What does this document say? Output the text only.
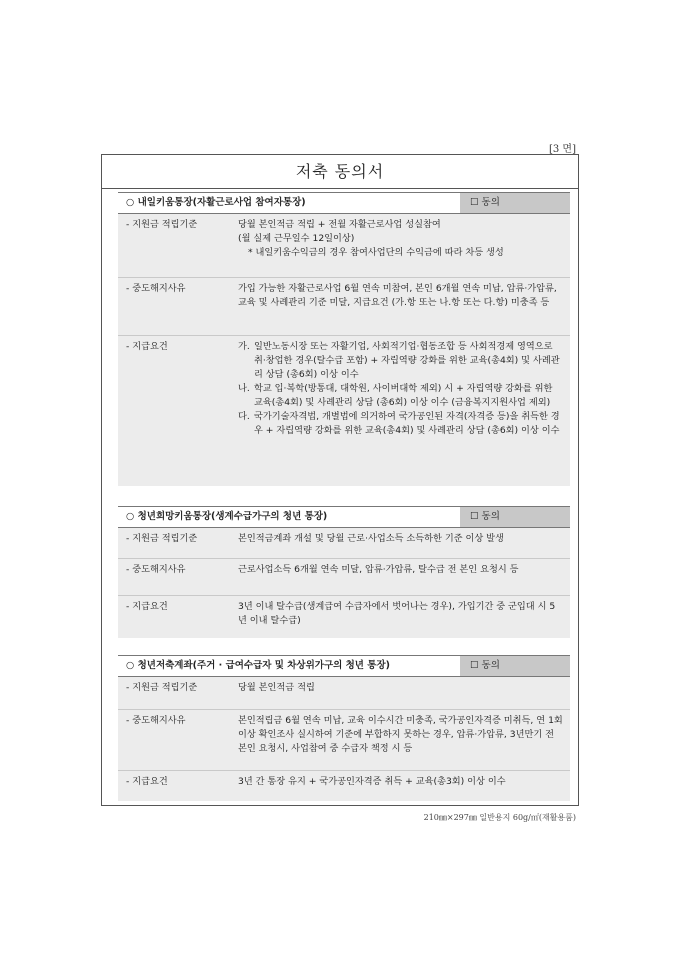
[3 면]
저축 동의서
○ 내일키움통장(자활근로사업 참여자통장)	☐ 동의
- 지원금 적립기준	당월 본인적금 적립 + 전월 자활근로사업 성실참여
(월 실제 근무일수 12일이상)
* 내일키움수익금의 경우 참여사업단의 수익금에 따라 차등 생성
- 중도해지사유	가입 가능한 자활근로사업 6월 연속 미참여, 본인 6개월 연속 미납, 압류·가압류, 교육 및 사례관리 기준 미달, 지급요건 (가.항 또는 나.항 또는 다.항) 미충족 등
- 지급요건	가. 일반노동시장 또는 자활기업, 사회적기업·협동조합 등 사회적경제 영역으로 취·창업한 경우(탈수급 포함) + 자립역량 강화를 위한 교육(총4회) 및 사례관리 상담 (총6회) 이상 이수
나. 학교 입·복학(방통대, 대학원, 사이버대학 제외) 시 + 자립역량 강화를 위한 교육(총4회) 및 사례관리 상담 (총6회) 이상 이수 (금융복지지원사업 제외)
다. 국가기술자격법, 개별법에 의거하여 국가공인된 자격(자격증 등)을 취득한 경우 + 자립역량 강화를 위한 교육(총4회) 및 사례관리 상담 (총6회) 이상 이수
○ 청년희망키움통장(생계수급가구의 청년 통장)	☐ 동의
- 지원금 적립기준	본인적금계좌 개설 및 당월 근로·사업소득 소득하한 기준 이상 발생
- 중도해지사유	근로사업소득 6개월 연속 미달, 압류·가압류, 탈수급 전 본인 요청시 등
- 지급요건	3년 이내 탈수급(생계급여 수급자에서 벗어나는 경우), 가입기간 중 군입대 시 5년 이내 탈수급)
○ 청년저축계좌(주거 · 급여수급자 및 차상위가구의 청년 통장)	☐ 동의
- 지원금 적립기준	당월 본인적금 적립
- 중도해지사유	본인적립금 6월 연속 미납, 교육 이수시간 미충족, 국가공인자격증 미취득, 연 1회 이상 확인조사 실시하여 기준에 부합하지 못하는 경우, 압류·가압류, 3년만기 전 본인 요청시, 사업참여 중 수급자 책정 시 등
- 지급요건	3년 간 통장 유지 + 국가공인자격증 취득 + 교육(총3회) 이상 이수
210㎜×297㎜ 일반용지 60g/㎡(재활용품)
